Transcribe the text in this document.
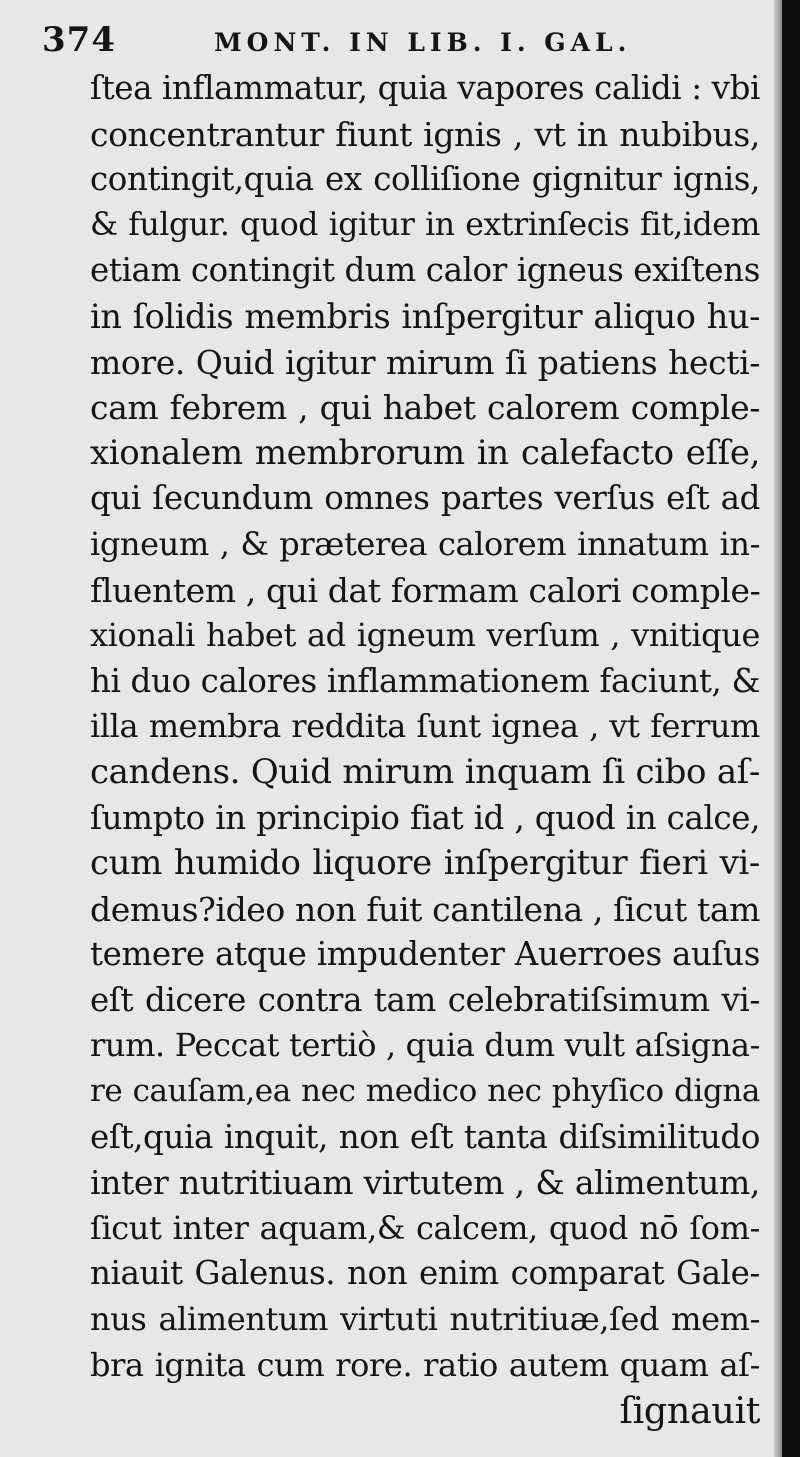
374	MONT. IN LIB. I. GAL.
ſtea inflammatur, quia vapores calidi : vbi
concentrantur fiunt ignis , vt in nubibus,
contingit,quia ex colliſione gignitur ignis,
& fulgur. quod igitur in extrinſecis fit,idem
etiam contingit dum calor igneus exiſtens
in ſolidis membris inſpergitur aliquo hu-
more. Quid igitur mirum ſi patiens hecti-
cam febrem , qui habet calorem comple-
xionalem membrorum in calefacto eſſe,
qui ſecundum omnes partes verſus eſt ad
igneum , & præterea calorem innatum in-
fluentem , qui dat formam calori comple-
xionali habet ad igneum verſum , vnitique
hi duo calores inflammationem faciunt, &
illa membra reddita ſunt ignea , vt ferrum
candens. Quid mirum inquam ſi cibo aſ-
ſumpto in principio fiat id , quod in calce,
cum humido liquore inſpergitur fieri vi-
demus?ideo non fuit cantilena , ſicut tam
temere atque impudenter Auerroes auſus
eſt dicere contra tam celebratiſsimum vi-
rum. Peccat tertiò , quia dum vult aſsigna-
re cauſam,ea nec medico nec phyſico digna
eſt,quia inquit, non eſt tanta diſsimilitudo
inter nutritiuam virtutem , & alimentum,
ſicut inter aquam,& calcem, quod nō ſom-
niauit Galenus. non enim comparat Gale-
nus alimentum virtuti nutritiuæ,ſed mem-
bra ignita cum rore. ratio autem quam aſ-
ſignauit
